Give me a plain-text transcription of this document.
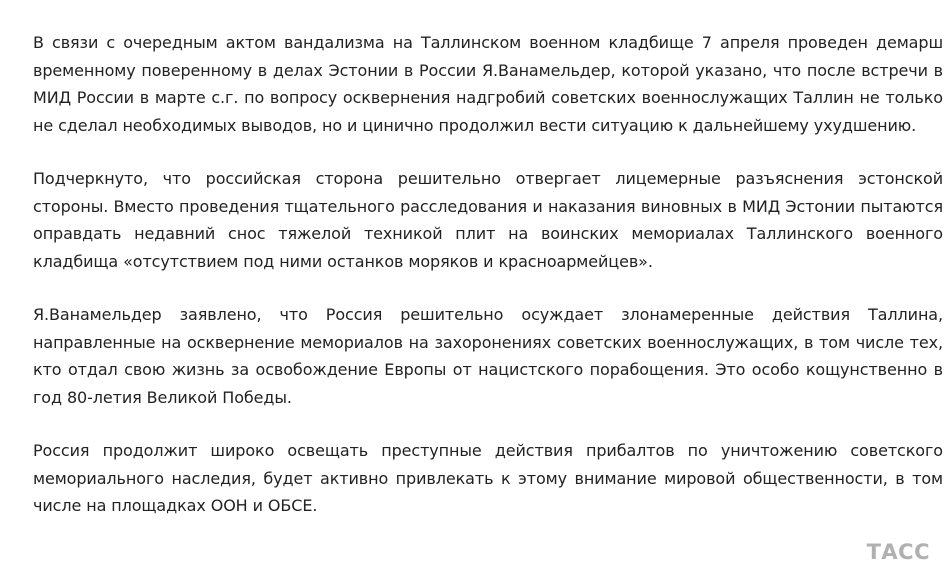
В связи с очередным актом вандализма на Таллинском военном кладбище 7 апреля проведен демарш временному поверенному в делах Эстонии в России Я.Ванамельдер, которой указано, что после встречи в МИД России в марте с.г. по вопросу осквернения надгробий советских военнослужащих Таллин не только не сделал необходимых выводов, но и цинично продолжил вести ситуацию к дальнейшему ухудшению.

Подчеркнуто, что российская сторона решительно отвергает лицемерные разъяснения эстонской стороны. Вместо проведения тщательного расследования и наказания виновных в МИД Эстонии пытаются оправдать недавний снос тяжелой техникой плит на воинских мемориалах Таллинского военного кладбища «отсутствием под ними останков моряков и красноармейцев».

Я.Ванамельдер заявлено, что Россия решительно осуждает злонамеренные действия Таллина, направленные на осквернение мемориалов на захоронениях советских военнослужащих, в том числе тех, кто отдал свою жизнь за освобождение Европы от нацистского порабощения. Это особо кощунственно в год 80-летия Великой Победы.

Россия продолжит широко освещать преступные действия прибалтов по уничтожению советского мемориального наследия, будет активно привлекать к этому внимание мировой общественности, в том числе на площадках ООН и ОБСЕ.

ТАСС
